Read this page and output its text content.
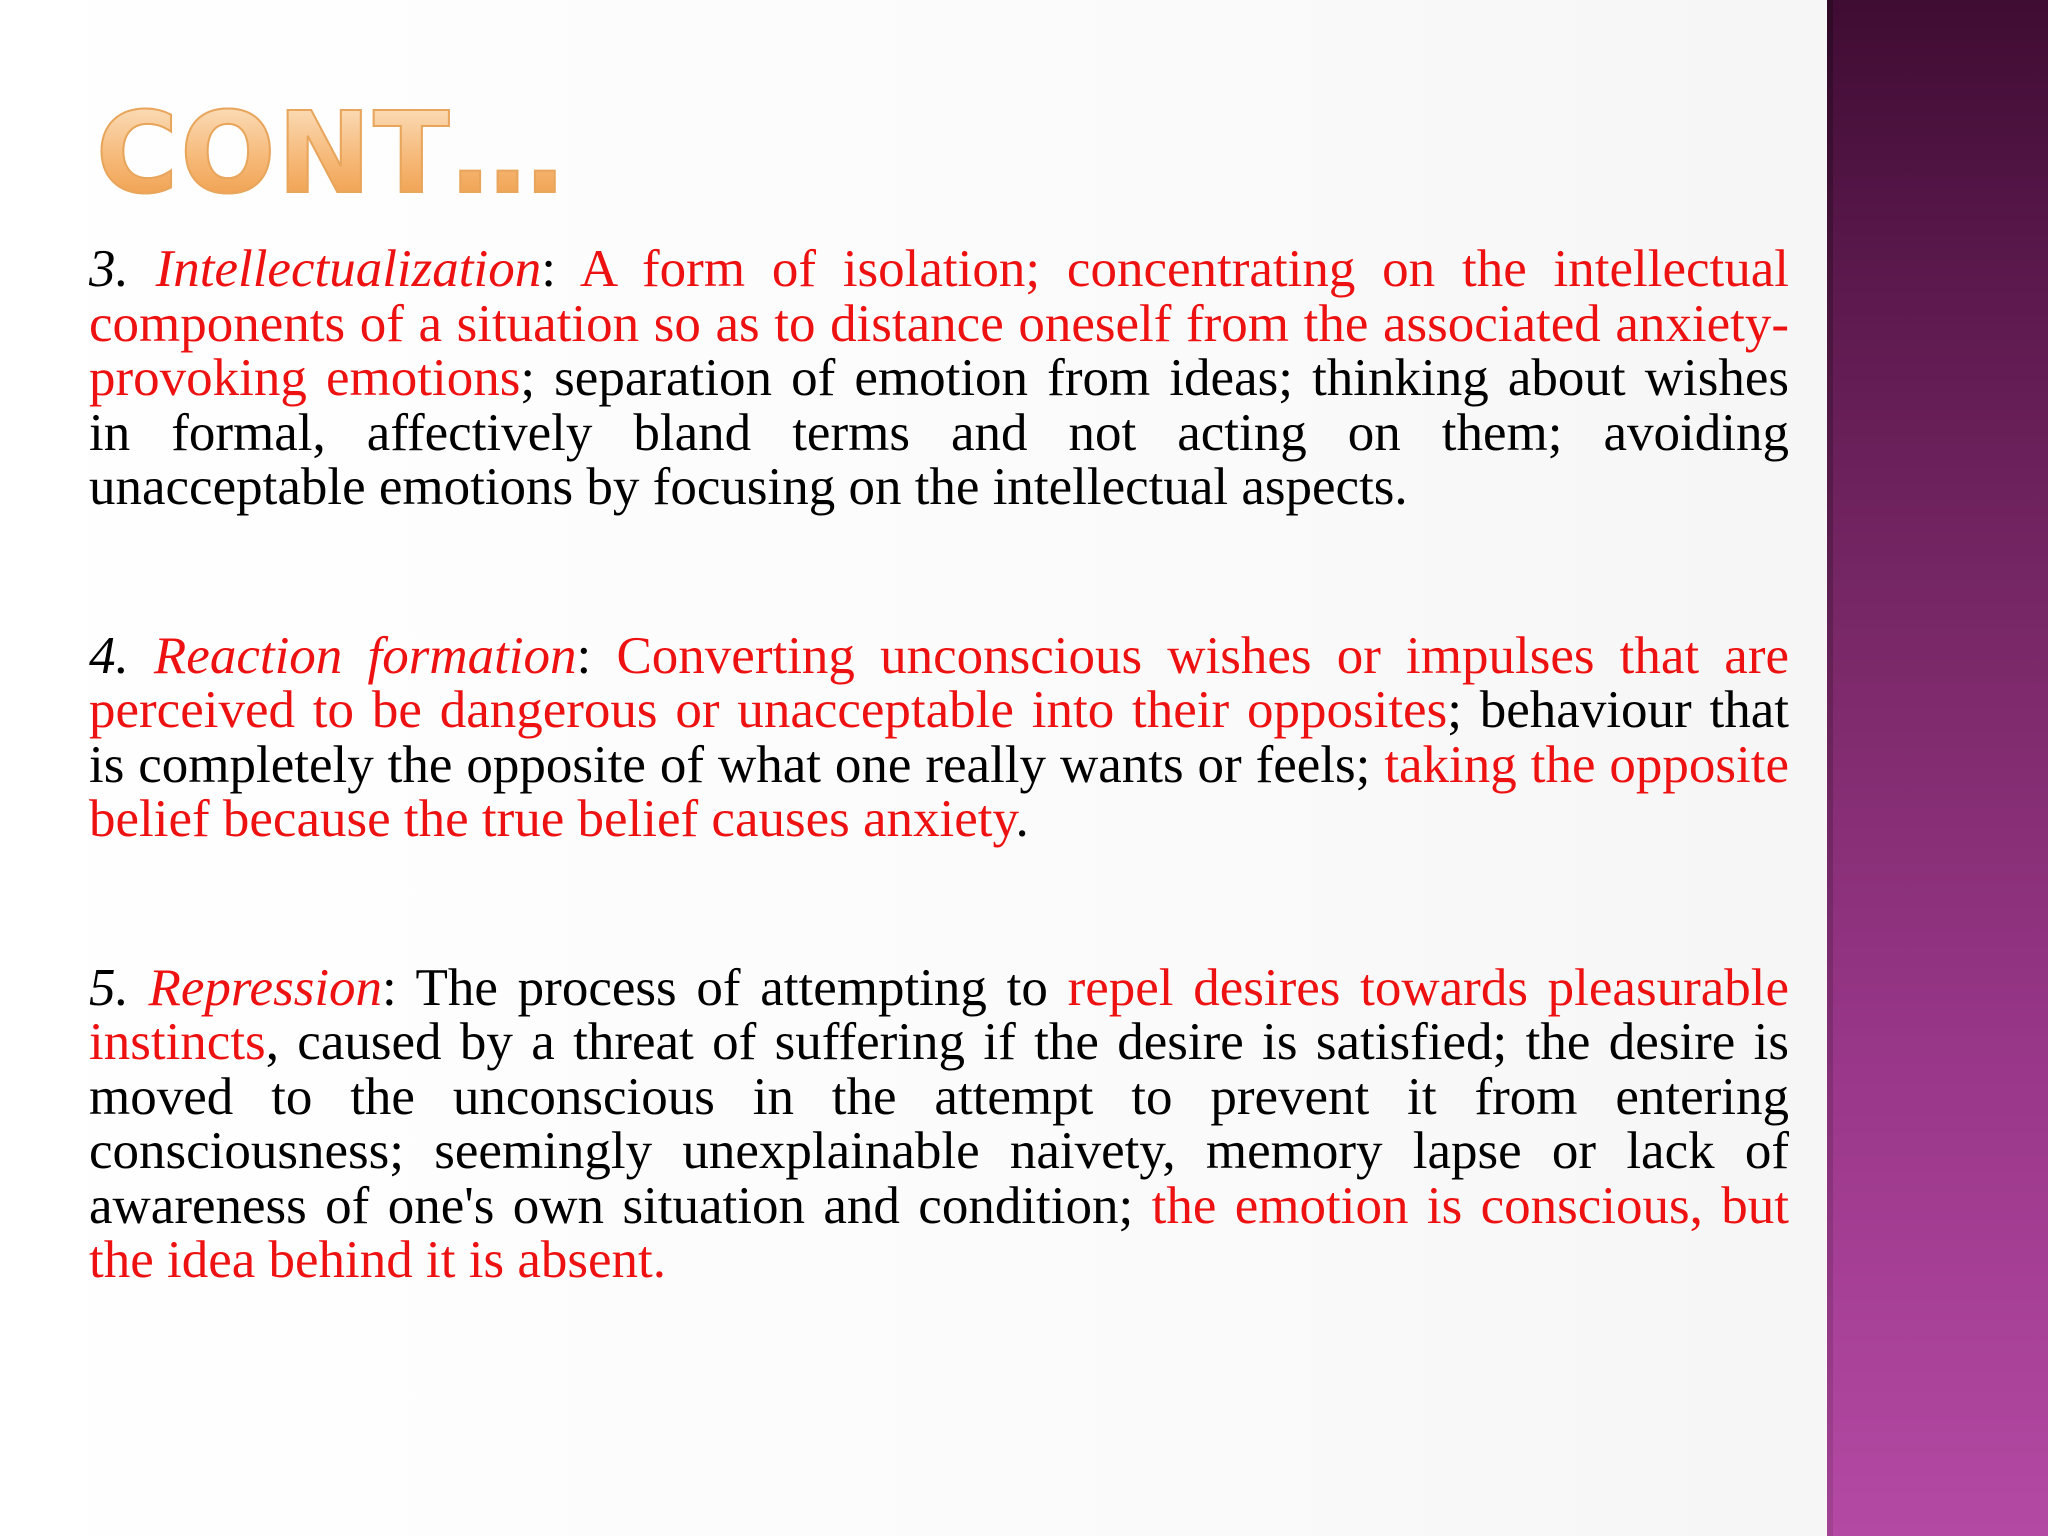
CONT…

3. Intellectualization: A form of isolation; concentrating on the intellectual components of a situation so as to distance oneself from the associated anxiety-provoking emotions; separation of emotion from ideas; thinking about wishes in formal, affectively bland terms and not acting on them; avoiding unacceptable emotions by focusing on the intellectual aspects.

4. Reaction formation: Converting unconscious wishes or impulses that are perceived to be dangerous or unacceptable into their opposites; behaviour that is completely the opposite of what one really wants or feels; taking the opposite belief because the true belief causes anxiety.

5. Repression: The process of attempting to repel desires towards pleasurable instincts, caused by a threat of suffering if the desire is satisfied; the desire is moved to the unconscious in the attempt to prevent it from entering consciousness; seemingly unexplainable naivety, memory lapse or lack of awareness of one's own situation and condition; the emotion is conscious, but the idea behind it is absent.
